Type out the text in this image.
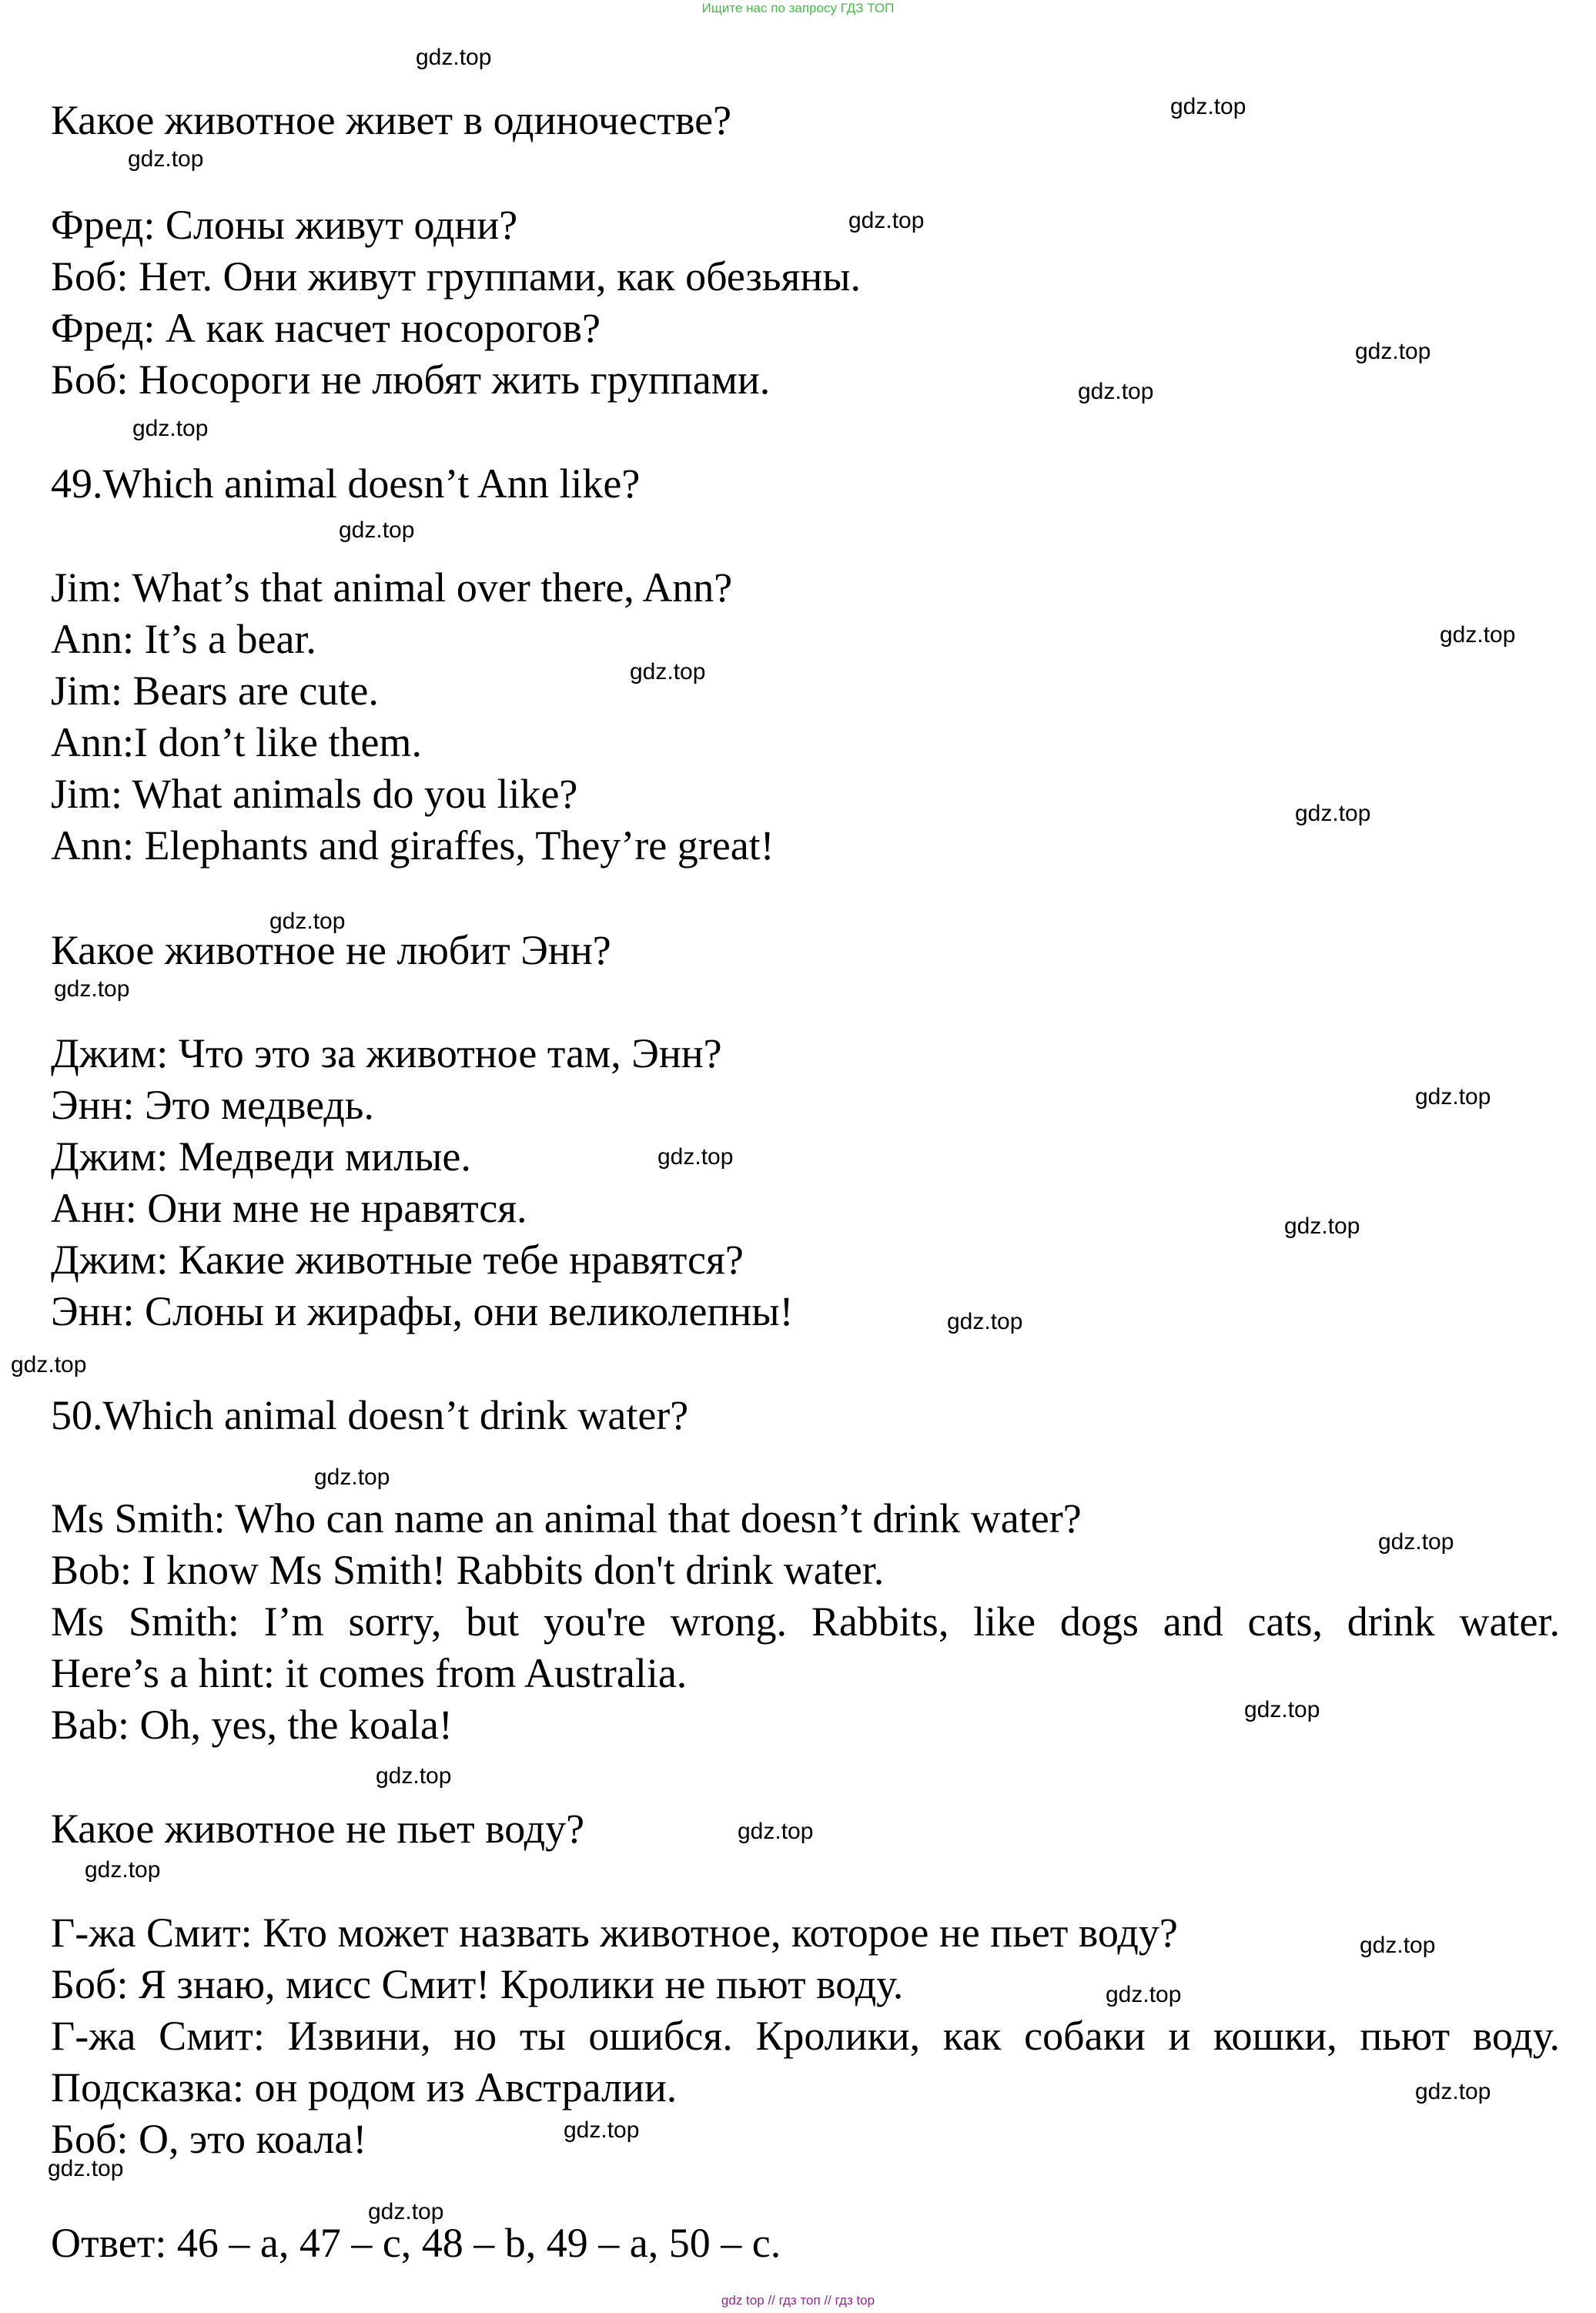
Ищите нас по запросу ГДЗ ТОП
Какое животное живет в одиночестве?
Фред: Слоны живут одни?
Боб: Нет. Они живут группами, как обезьяны.
Фред: А как насчет носорогов?
Боб: Носороги не любят жить группами.
49.Which animal doesn’t Ann like?
Jim: What’s that animal over there, Ann?
Ann: It’s a bear.
Jim: Bears are cute.
Ann:I don’t like them.
Jim: What animals do you like?
Ann: Elephants and giraffes, They’re great!
Какое животное не любит Энн?
Джим: Что это за животное там, Энн?
Энн: Это медведь.
Джим: Медведи милые.
Анн: Они мне не нравятся.
Джим: Какие животные тебе нравятся?
Энн: Слоны и жирафы, они великолепны!
50.Which animal doesn’t drink water?
Ms Smith: Who can name an animal that doesn’t drink water?
Bob: I know Ms Smith! Rabbits don't drink water.
Ms Smith: I’m sorry, but you're wrong. Rabbits, like dogs and cats, drink water.
Here’s a hint: it comes from Australia.
Bab: Oh, yes, the koala!
Какое животное не пьет воду?
Г-жа Смит: Кто может назвать животное, которое не пьет воду?
Боб: Я знаю, мисс Смит! Кролики не пьют воду.
Г-жа Смит: Извини, но ты ошибся. Кролики, как собаки и кошки, пьют воду.
Подсказка: он родом из Австралии.
Боб: О, это коала!
Ответ: 46 – a, 47 – c, 48 – b, 49 – a, 50 – c.
gdz.top
gdz.top
gdz.top
gdz.top
gdz.top
gdz.top
gdz.top
gdz.top
gdz.top
gdz.top
gdz.top
gdz.top
gdz.top
gdz.top
gdz.top
gdz.top
gdz.top
gdz.top
gdz.top
gdz.top
gdz.top
gdz.top
gdz.top
gdz.top
gdz.top
gdz.top
gdz.top
gdz.top
gdz.top
gdz.top
gdz top // гдз топ // гдз top
